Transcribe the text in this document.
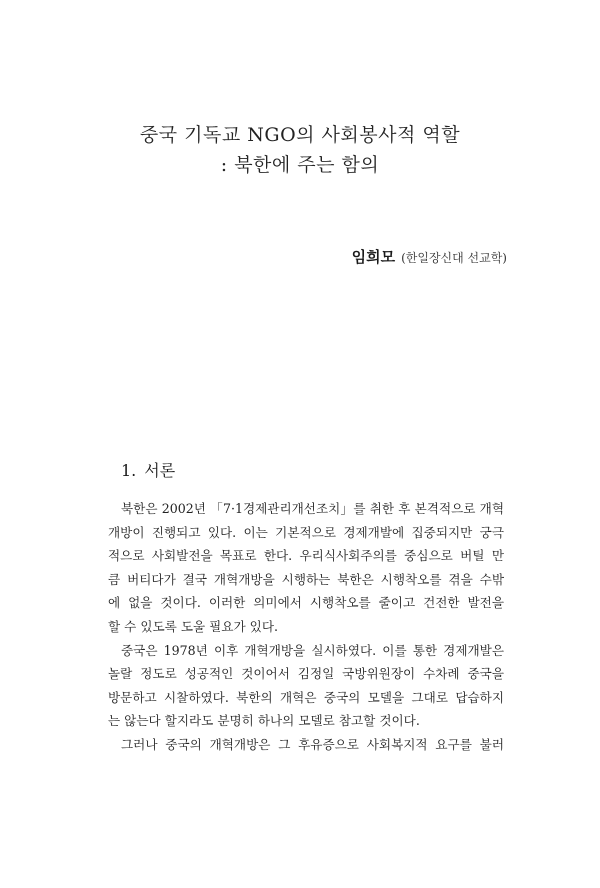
중국 기독교 NGO의 사회봉사적 역할
: 북한에 주는 함의
임희모 (한일장신대 선교학)
1. 서론
북한은 2002년 「7·1경제관리개선조치」를 취한 후 본격적으로 개혁
개방이 진행되고 있다. 이는 기본적으로 경제개발에 집중되지만 궁극
적으로 사회발전을 목표로 한다. 우리식사회주의를 중심으로 버틸 만
큼 버티다가 결국 개혁개방을 시행하는 북한은 시행착오를 겪을 수밖
에 없을 것이다. 이러한 의미에서 시행착오를 줄이고 건전한 발전을
할 수 있도록 도울 필요가 있다.
중국은 1978년 이후 개혁개방을 실시하였다. 이를 통한 경제개발은
놀랄 정도로 성공적인 것이어서 김정일 국방위원장이 수차례 중국을
방문하고 시찰하였다. 북한의 개혁은 중국의 모델을 그대로 답습하지
는 않는다 할지라도 분명히 하나의 모델로 참고할 것이다.
그러나 중국의 개혁개방은 그 후유증으로 사회복지적 요구를 불러
